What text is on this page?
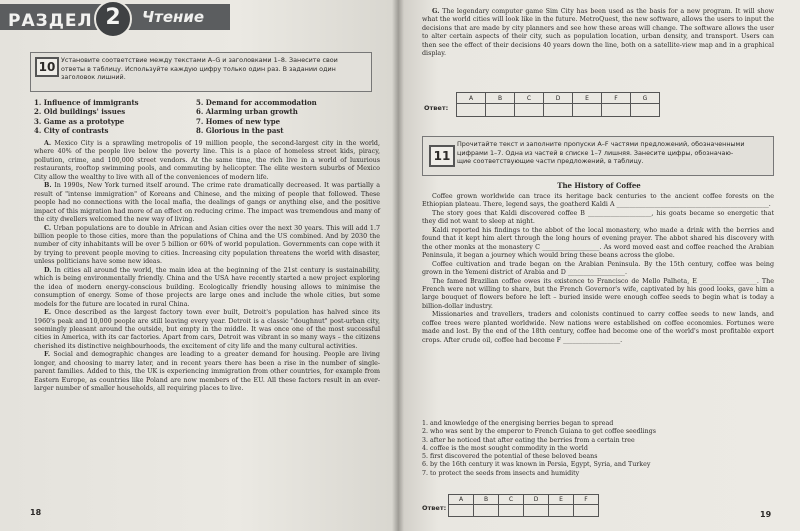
РАЗДЕЛ 2	Чтение
10 Установите соответствие между текстами A–G и заголовками 1–8. Занесите свои
ответы в таблицу. Используйте каждую цифру только один раз. В задании один
заголовок лишний.
1. Influence of immigrants
2. Old buildings' issues
3. Game as a prototype
4. City of contrasts
5. Demand for accommodation
6. Alarming urban growth
7. Homes of new type
8. Glorious in the past

A. Mexico City is a sprawling metropolis of 19 million people, the second-largest city in the world, where 40% of the people live below the poverty line. This is a place of homeless street kids, piracy, pollution, crime, and 100,000 street vendors. At the same time, the rich live in a world of luxurious restaurants, rooftop swimming pools, and commuting by helicopter. The elite western suburbs of Mexico City allow the wealthy to live with all of the conveniences of modern life.

B. In 1990s, New York turned itself around. The crime rate dramatically decreased. It was partially a result of "intense immigration" of Koreans and Chinese, and the mixing of people that followed. These people had no connections with the local mafia, the dealings of gangs or anything else, and the positive impact of this migration had more of an effect on reducing crime. The impact was tremendous and many of the city dwellers welcomed the new way of living.

C. Urban populations are to double in African and Asian cities over the next 30 years. This will add 1.7 billion people to those cities, more than the populations of China and the US combined. And by 2030 the number of city inhabitants will be over 5 billion or 60% of world population. Governments can cope with it by trying to prevent people moving to cities. Increasing city population threatens the world with disaster, unless politicians have some new ideas.

D. In cities all around the world, the main idea at the beginning of the 21st century is sustainability, which is being environmentally friendly. China and the USA have recently started a new project exploring the idea of modern energy-conscious building. Ecologically friendly housing allows to minimise the consumption of energy. Some of those projects are large ones and include the whole cities, but some models for the future are located in rural China.

E. Once described as the largest factory town ever built, Detroit's population has halved since its 1960's peak and 10,000 people are still leaving every year. Detroit is a classic "doughnut" post-urban city, seemingly pleasant around the outside, but empty in the middle. It was once one of the most successful cities in America, with its car factories. Apart from cars, Detroit was vibrant in so many ways – the citizens cherished its distinctive neighbourhoods, the excitement of city life and the many cultural activities.

F. Social and demographic changes are leading to a greater demand for housing. People are living longer, and choosing to marry later, and in recent years there has been a rise in the number of single-parent families. Added to this, the UK is experiencing immigration from other countries, for example from Eastern Europe, as countries like Poland are now members of the EU. All these factors result in an ever-larger number of smaller households, all requiring places to live.

18

G. The legendary computer game Sim City has been used as the basis for a new program. It will show what the world cities will look like in the future. MetroQuest, the new software, allows the users to input the decisions that are made by city planners and see how these areas will change. The software allows the user to alter certain aspects of their city, such as population location, urban density, and transport. Users can then see the effect of their decisions 40 years down the line, both on a satellite-view map and in a graphical display.

Ответ:
A	B	C	D	E	F	G

11
Прочитайте текст и заполните пропуски A–F частями предложений, обозначенными
цифрами 1–7. Одна из частей в списке 1–7 лишняя. Занесите цифры, обозначаю-
щие соответствующие части предложений, в таблицу.
The History of Coffee

Coffee grown worldwide can trace its heritage back centuries to the ancient coffee forests on the Ethiopian plateau. There, legend says, the goatherd Kaldi A ________________________________________________.

The story goes that Kaldi discovered coffee B ____________________, his goats became so energetic that they did not want to sleep at night.

Kaldi reported his findings to the abbot of the local monastery, who made a drink with the berries and found that it kept him alert through the long hours of evening prayer. The abbot shared his discovery with the other monks at the monastery C __________________. As word moved east and coffee reached the Arabian Peninsula, it began a journey which would bring these beans across the globe.

Coffee cultivation and trade began on the Arabian Peninsula. By the 15th century, coffee was being grown in the Yemeni district of Arabia and D __________________.

The famed Brazilian coffee owes its existence to Francisco de Mello Palheta, E __________________. The French were not willing to share, but the French Governor's wife, captivated by his good looks, gave him a large bouquet of flowers before he left – buried inside were enough coffee seeds to begin what is today a billion-dollar industry.

Missionaries and travellers, traders and colonists continued to carry coffee seeds to new lands, and coffee trees were planted worldwide. New nations were established on coffee economies. Fortunes were made and lost. By the end of the 18th century, coffee had become one of the world's most profitable export crops. After crude oil, coffee had become F __________________.

1. and knowledge of the energising berries began to spread
2. who was sent by the emperor to French Guiana to get coffee seedlings
3. after he noticed that after eating the berries from a certain tree
4. coffee is the most sought commodity in the world
5. first discovered the potential of these beloved beans
6. by the 16th century it was known in Persia, Egypt, Syria, and Turkey
7. to protect the seeds from insects and humidity
Ответ:
A	B	C	D	E	F

19
